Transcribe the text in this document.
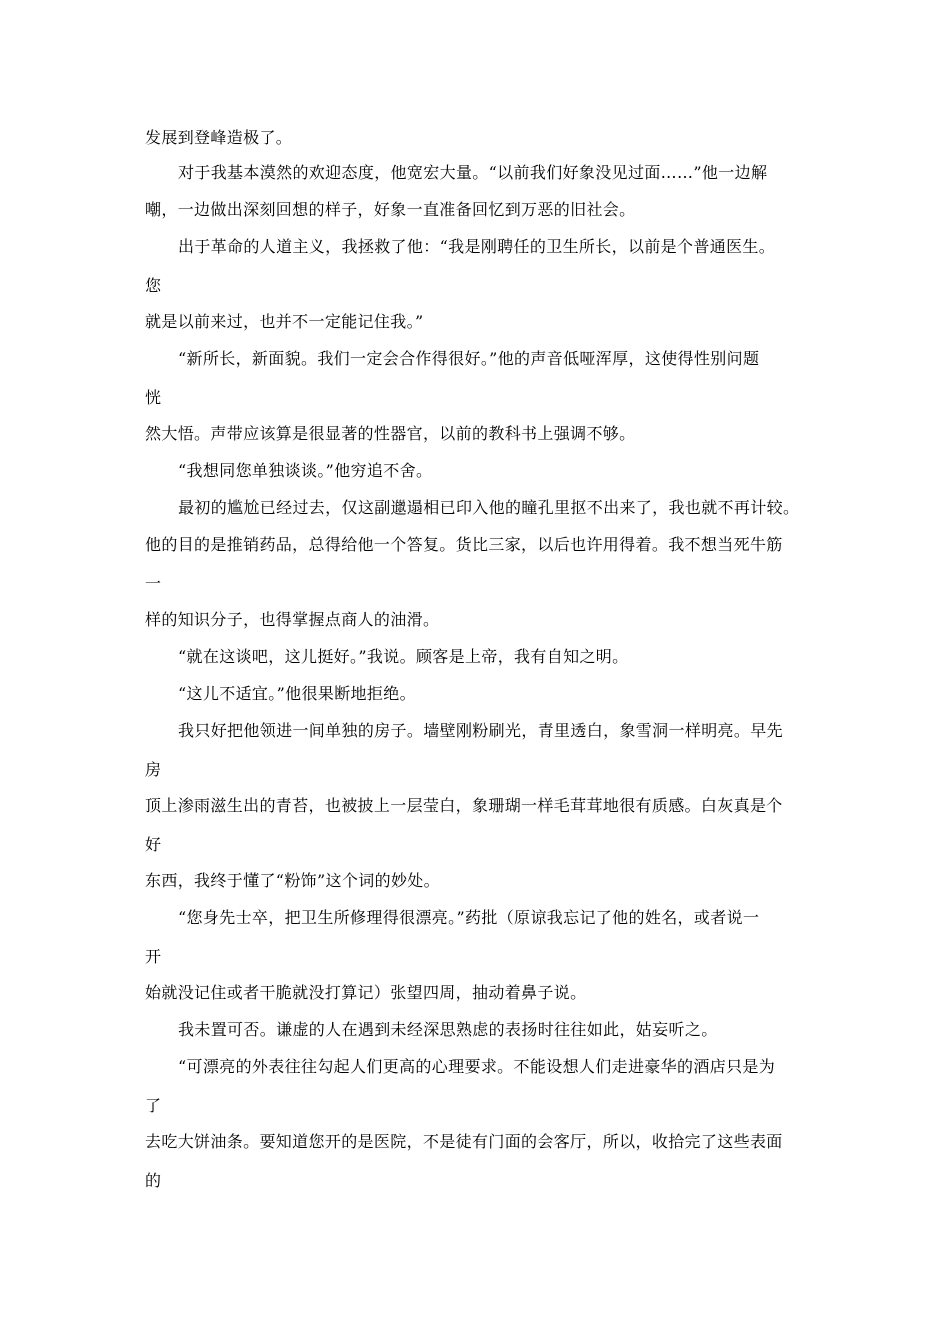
发展到登峰造极了。
对于我基本漠然的欢迎态度，他宽宏大量。“以前我们好象没见过面……”他一边解
嘲，一边做出深刻回想的样子，好象一直准备回忆到万恶的旧社会。
出于革命的人道主义，我拯救了他：“我是刚聘任的卫生所长，以前是个普通医生。
您
就是以前来过，也并不一定能记住我。”
“新所长，新面貌。我们一定会合作得很好。”他的声音低哑浑厚，这使得性别问题
恍
然大悟。声带应该算是很显著的性器官，以前的教科书上强调不够。
“我想同您单独谈谈。”他穷追不舍。
最初的尴尬已经过去，仅这副邋遢相已印入他的瞳孔里抠不出来了，我也就不再计较。
他的目的是推销药品，总得给他一个答复。货比三家，以后也许用得着。我不想当死牛筋
一
样的知识分子，也得掌握点商人的油滑。
“就在这谈吧，这儿挺好。”我说。顾客是上帝，我有自知之明。
“这儿不适宜。”他很果断地拒绝。
我只好把他领进一间单独的房子。墙壁刚粉刷光，青里透白，象雪洞一样明亮。早先
房
顶上渗雨滋生出的青苔，也被披上一层莹白，象珊瑚一样毛茸茸地很有质感。白灰真是个
好
东西，我终于懂了“粉饰”这个词的妙处。
“您身先士卒，把卫生所修理得很漂亮。”药批（原谅我忘记了他的姓名，或者说一
开
始就没记住或者干脆就没打算记）张望四周，抽动着鼻子说。
我未置可否。谦虚的人在遇到未经深思熟虑的表扬时往往如此，姑妄听之。
“可漂亮的外表往往勾起人们更高的心理要求。不能设想人们走进豪华的酒店只是为
了
去吃大饼油条。要知道您开的是医院，不是徒有门面的会客厅，所以，收拾完了这些表面
的
